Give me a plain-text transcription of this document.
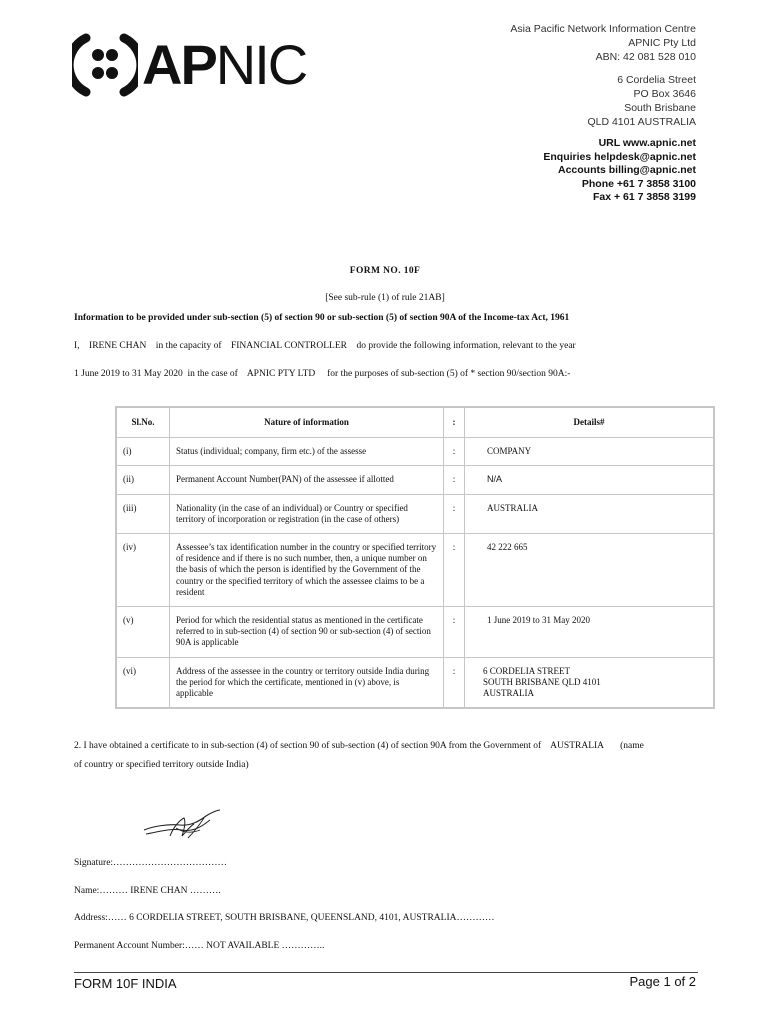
APNIC
Asia Pacific Network Information Centre
APNIC Pty Ltd
ABN: 42 081 528 010
6 Cordelia Street
PO Box 3646
South Brisbane
QLD 4101 AUSTRALIA
URL www.apnic.net
Enquiries helpdesk@apnic.net
Accounts billing@apnic.net
Phone +61 7 3858 3100
Fax + 61 7 3858 3199
FORM NO. 10F
[See sub-rule (1) of rule 21AB]
Information to be provided under sub-section (5) of section 90 or sub-section (5) of section 90A of the Income-tax Act, 1961
I,    IRENE CHAN    in the capacity of    FINANCIAL CONTROLLER    do provide the following information, relevant to the year
1 June 2019 to 31 May 2020  in the case of    APNIC PTY LTD     for the purposes of sub-section (5) of * section 90/section 90A:-
Sl.No.	Nature of information	:	Details#
(i)	Status (individual; company, firm etc.) of the assesse	:	COMPANY
(ii)	Permanent Account Number(PAN) of the assessee if allotted	:	N/A
(iii)	Nationality (in the case of an individual) or Country or specified territory of incorporation or registration (in the case of others)	:	AUSTRALIA
(iv)	Assessee’s tax identification number in the country or specified territory of residence and if there is no such number, then, a unique number on the basis of which the person is identified by the Government of the country or the specified territory of which the assessee claims to be a resident	:	42 222 665
(v)	Period for which the residential status as mentioned in the certificate referred to in sub-section (4) of section 90 or sub-section (4) of section 90A is applicable	:	1 June 2019 to 31 May 2020
(vi)	Address of the assessee in the country or territory outside India during the period for which the certificate, mentioned in (v) above, is applicable	:	6 CORDELIA STREET
SOUTH BRISBANE QLD 4101
AUSTRALIA
2. I have obtained a certificate to in sub-section (4) of section 90 of sub-section (4) of section 90A from the Government of    AUSTRALIA       (name
of country or specified territory outside India)
Signature:………………………………
Name:……… IRENE CHAN ……….
Address:…… 6 CORDELIA STREET, SOUTH BRISBANE, QUEENSLAND, 4101, AUSTRALIA…………
Permanent Account Number:…… NOT AVAILABLE …………..
FORM 10F INDIA	Page 1 of 2
